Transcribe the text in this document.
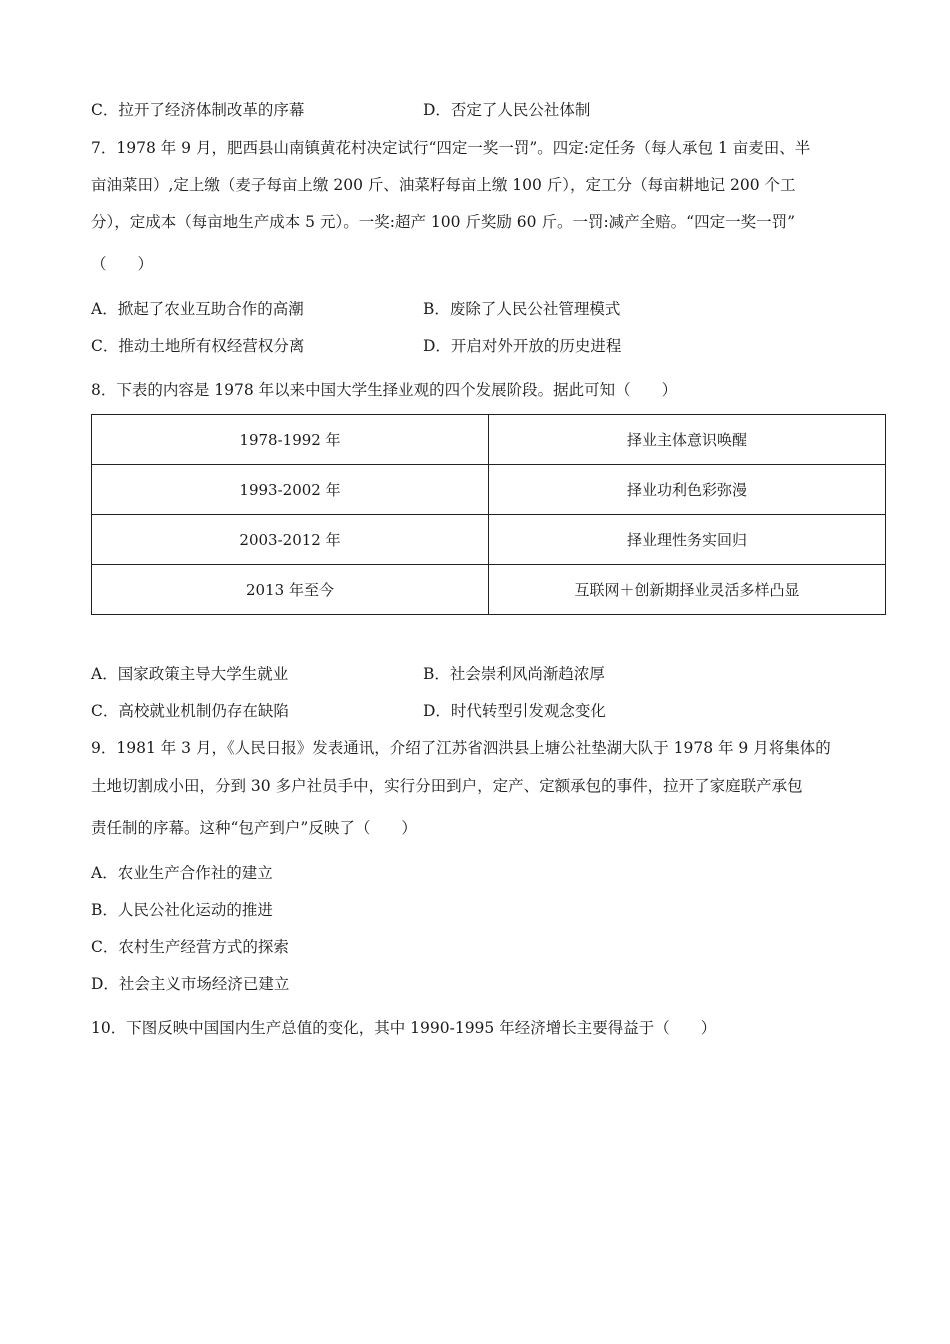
C．拉开了经济体制改革的序幕	D．否定了人民公社体制
7．1978 年 9 月，肥西县山南镇黄花村决定试行“四定一奖一罚”。四定:定任务（每人承包 1 亩麦田、半
亩油菜田）,定上缴（麦子每亩上缴 200 斤、油菜籽每亩上缴 100 斤），定工分（每亩耕地记 200 个工
分），定成本（每亩地生产成本 5 元）。一奖:超产 100 斤奖励 60 斤。一罚:减产全赔。“四定一奖一罚”
（　　）
A．掀起了农业互助合作的高潮	B．废除了人民公社管理模式
C．推动土地所有权经营权分离	D．开启对外开放的历史进程
8．下表的内容是 1978 年以来中国大学生择业观的四个发展阶段。据此可知（　　）
1978-1992 年	择业主体意识唤醒
1993-2002 年	择业功利色彩弥漫
2003-2012 年	择业理性务实回归
2013 年至今	互联网＋创新期择业灵活多样凸显
A．国家政策主导大学生就业	B．社会崇利风尚渐趋浓厚
C．高校就业机制仍存在缺陷	D．时代转型引发观念变化
9．1981 年 3 月，《人民日报》发表通讯，介绍了江苏省泗洪县上塘公社垫湖大队于 1978 年 9 月将集体的
土地切割成小田，分到 30 多户社员手中，实行分田到户，定产、定额承包的事件，拉开了家庭联产承包
责任制的序幕。这种“包产到户”反映了（　　）
A．农业生产合作社的建立
B．人民公社化运动的推进
C．农村生产经营方式的探索
D．社会主义市场经济已建立
10．下图反映中国国内生产总值的变化，其中 1990-1995 年经济增长主要得益于（　　）
